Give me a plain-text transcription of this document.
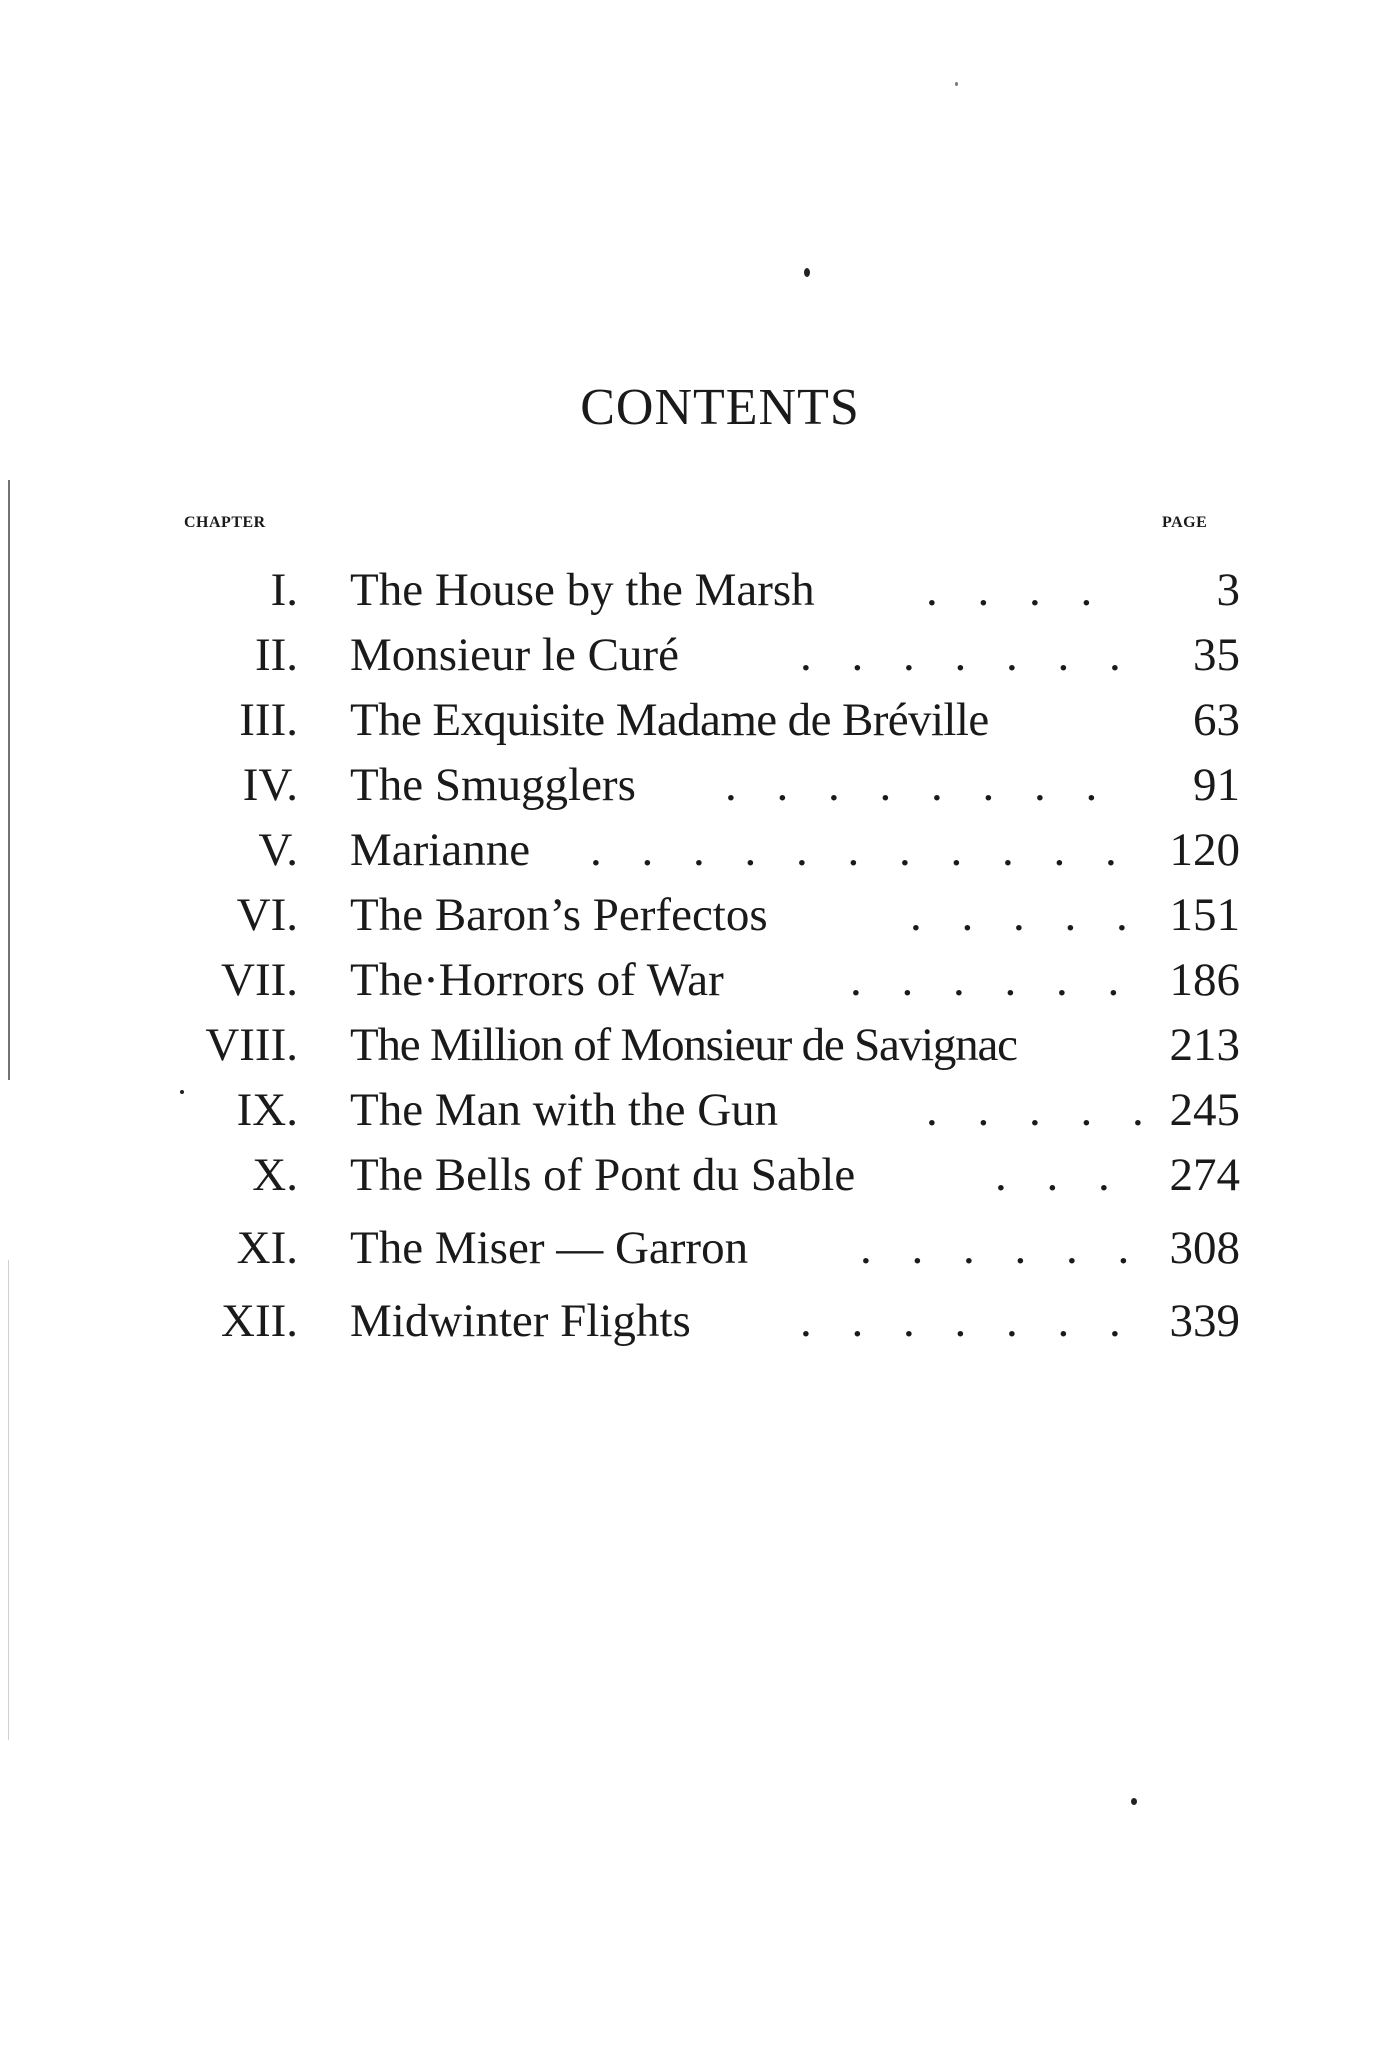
CONTENTS
CHAPTER	PAGE
I. The House by the Marsh . . . . 3
II. Monsieur le Curé	. . . . . . . 35
III. The Exquisite Madame de Bréville	63
IV. The Smugglers . . . . . . . . 91
V. Marianne . . . . . . . . . . . 120
VI. The Baron’s Perfectos	. . . . . 151
VII. The·Horrors of War	. . . . . . 186
VIII. The Million of Monsieur de Savignac	213
IX. The Man with the Gun	. . . . . 245
X. The Bells of Pont du Sable	. . . 274
XI. The Miser — Garron . . . . . . 308
XII. Midwinter Flights . . . . . . . 339
